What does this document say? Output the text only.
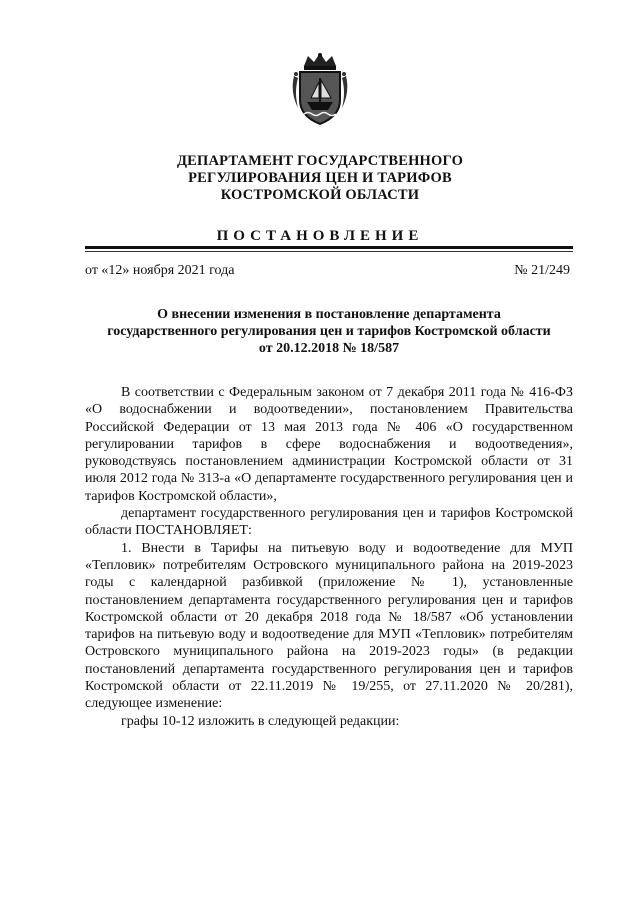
ДЕПАРТАМЕНТ ГОСУДАРСТВЕННОГО
РЕГУЛИРОВАНИЯ ЦЕН И ТАРИФОВ
КОСТРОМСКОЙ ОБЛАСТИ
ПОСТАНОВЛЕНИЕ
от «12» ноября 2021 года	№ 21/249
О внесении изменения в постановление департамента
государственного регулирования цен и тарифов Костромской области
от 20.12.2018 № 18/587

В соответствии с Федеральным законом от 7 декабря 2011 года № 416-ФЗ «О водоснабжении и водоотведении», постановлением Правительства Российской Федерации от 13 мая 2013 года № 406 «О государственном регулировании тарифов в сфере водоснабжения и водоотведения», руководствуясь постановлением администрации Костромской области от 31 июля 2012 года № 313-а «О департаменте государственного регулирования цен и тарифов Костромской области»,

департамент государственного регулирования цен и тарифов Костромской области ПОСТАНОВЛЯЕТ:

1. Внести в Тарифы на питьевую воду и водоотведение для МУП «Тепловик» потребителям Островского муниципального района на 2019-2023 годы с календарной разбивкой (приложение № 1), установленные постановлением департамента государственного регулирования цен и тарифов Костромской области от 20 декабря 2018 года № 18/587 «Об установлении тарифов на питьевую воду и водоотведение для МУП «Тепловик» потребителям Островского муниципального района на 2019-2023 годы» (в редакции постановлений департамента государственного регулирования цен и тарифов Костромской области от 22.11.2019 № 19/255, от 27.11.2020 № 20/281), следующее изменение:

графы 10-12 изложить в следующей редакции:
